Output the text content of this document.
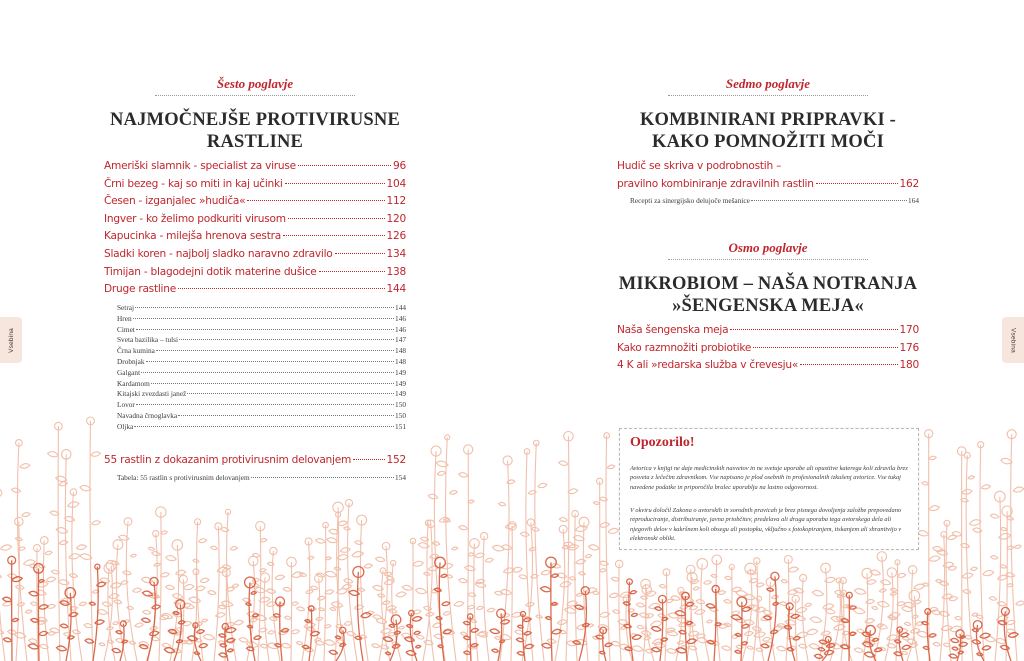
Vsebina

Šesto poglavje

NAJMOČNEJŠE PROTIVIRUSNE
RASTLINE
Ameriški slamnik - specialist za viruse	96
Črni bezeg - kaj so miti in kaj učinki	104
Česen - izganjalec »hudiča«	112
Ingver - ko želimo podkuriti virusom	120
Kapucinka - milejša hrenova sestra	126
Sladki koren - najbolj sladko naravno zdravilo	134
Timijan - blagodejni dotik materine dušice	138
Druge rastline	144
Setraj	144
Hren	146
Cimet	146
Sveta bazilika – tulsi	147
Črna kumina	148
Drobnjak	148
Galgant	149
Kardamom	149
Kitajski zvezdasti janež	149
Lovor	150
Navadna črnoglavka	150
Oljka	151
55 rastlin z dokazanim protivirusnim delovanjem	152
Tabela: 55 rastlin s protivirusnim delovanjem	154
Vsebina

Sedmo poglavje

KOMBINIRANI PRIPRAVKI -
KAKO POMNOŽITI MOČI
Hudič se skriva v podrobnostih –
pravilno kombiniranje zdravilnih rastlin	162
Recepti za sinergijsko delujoče mešanice	164

Osmo poglavje

MIKROBIOM – NAŠA NOTRANJA
»ŠENGENSKA MEJA«
Naša šengenska meja	170
Kako razmnožiti probiotike	176
4 K ali »redarska služba v črevesju«	180
Opozorilo!

Avtorica v knjigi ne daje medicinskih nasvetov in ne svetuje uporabe ali opustitve katerega koli zdravila brez posveta z lečečim zdravnikom. Vse napisano je plod osebnih in profesionalnih izkušenj avtorice. Vse tukaj navedene podatke in priporočila bralec uporablja na lastno odgovornost.

V okviru določil Zakona o avtorskih in sorodnih pravicah je brez pisnega dovoljenja založbe prepovedano reproduciranje, distribuiranje, javna priobčitev, predelava ali druga uporaba tega avtorskega dela ali njegovih delov v kakršnem koli obsegu ali postopku, vključno s fotokopiranjem, tiskanjem ali shranitvijo v elektronski obliki.
